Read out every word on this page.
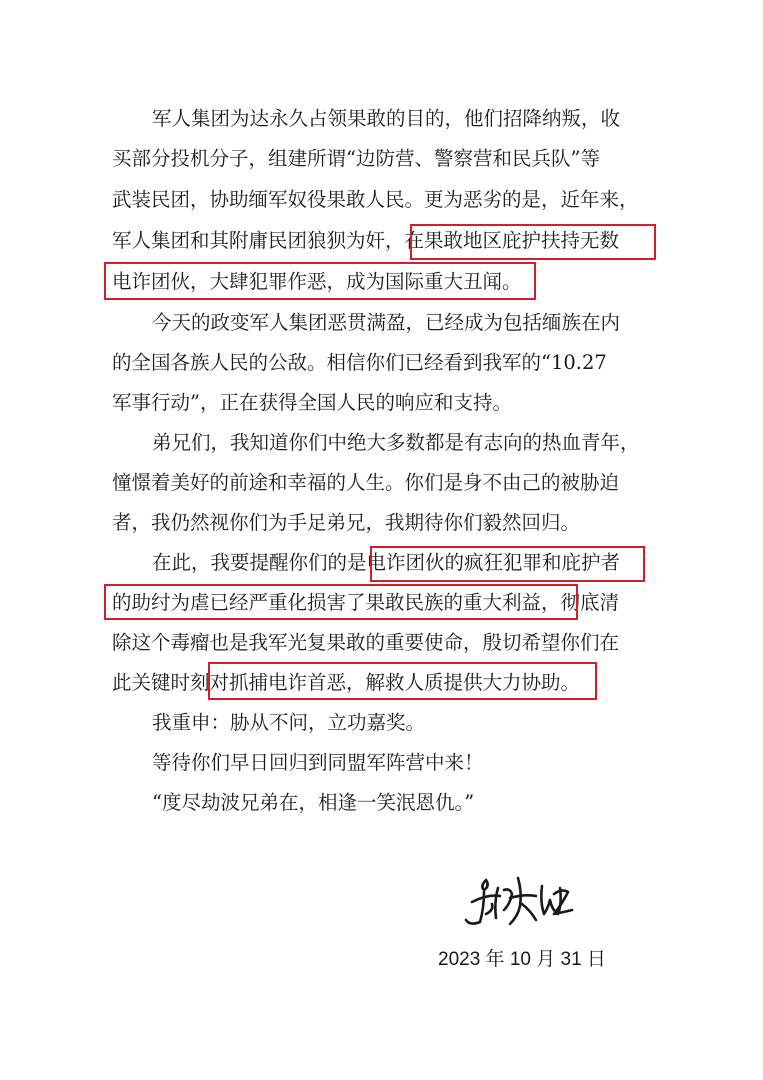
军人集团为达永久占领果敢的目的，他们招降纳叛，收
买部分投机分子，组建所谓“边防营、警察营和民兵队”等
武装民团，协助缅军奴役果敢人民。更为恶劣的是，近年来，
军人集团和其附庸民团狼狈为奸，在果敢地区庇护扶持无数
电诈团伙，大肆犯罪作恶，成为国际重大丑闻。
今天的政变军人集团恶贯满盈，已经成为包括缅族在内
的全国各族人民的公敌。相信你们已经看到我军的“10.27
军事行动”，正在获得全国人民的响应和支持。
弟兄们，我知道你们中绝大多数都是有志向的热血青年，
憧憬着美好的前途和幸福的人生。你们是身不由己的被胁迫
者，我仍然视你们为手足弟兄，我期待你们毅然回归。
在此，我要提醒你们的是电诈团伙的疯狂犯罪和庇护者
的助纣为虐已经严重化损害了果敢民族的重大利益，彻底清
除这个毒瘤也是我军光复果敢的重要使命，殷切希望你们在
此关键时刻对抓捕电诈首恶，解救人质提供大力协助。
我重申：胁从不问，立功嘉奖。
等待你们早日回归到同盟军阵营中来！
“度尽劫波兄弟在，相逢一笑泯恩仇。”
2023 年 10 月 31 日
